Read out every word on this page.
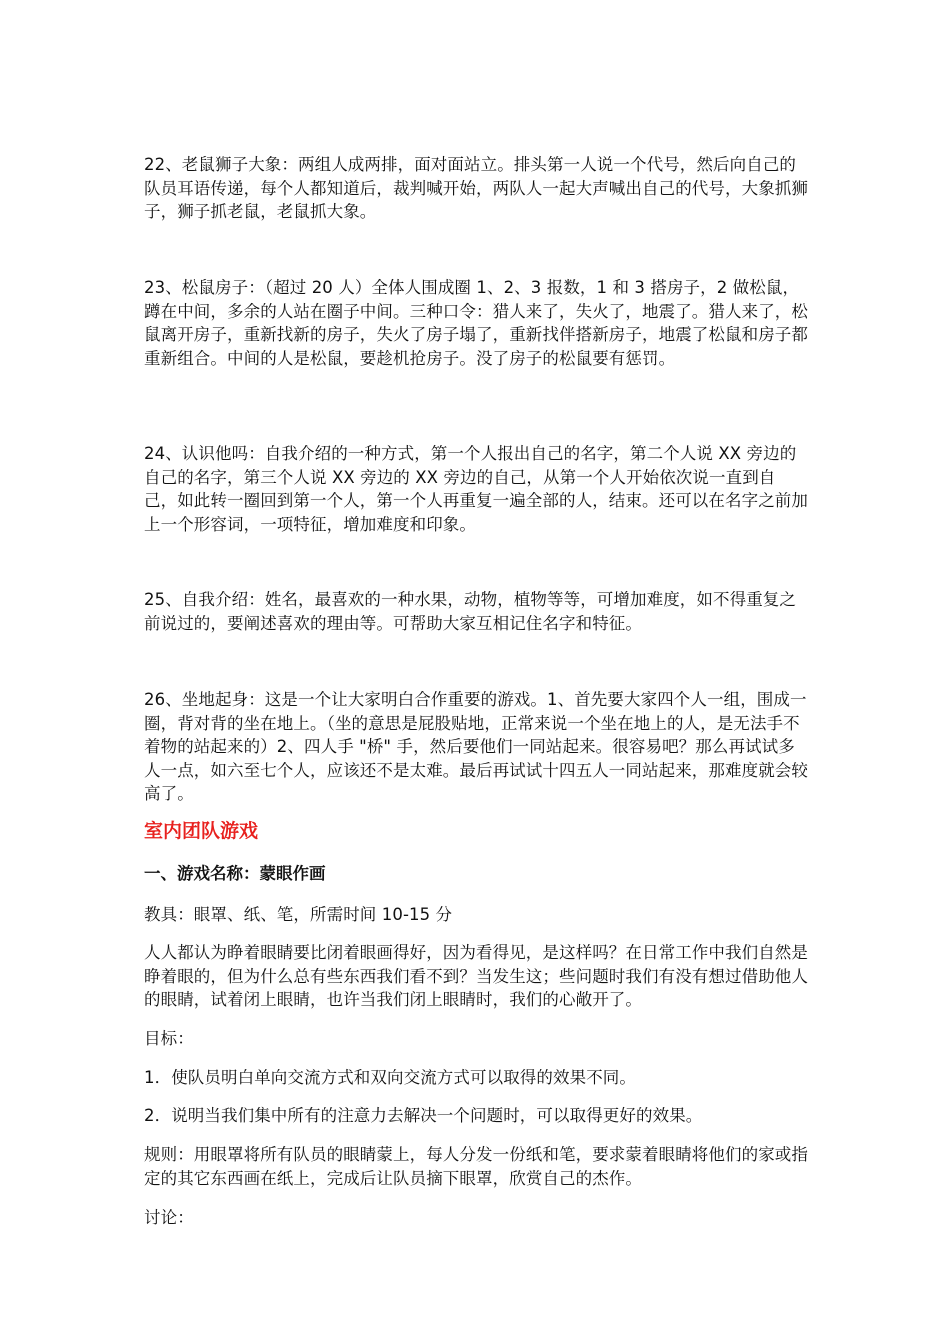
22、老鼠狮子大象：两组人成两排，面对面站立。排头第一人说一个代号，然后向自己的队员耳语传递，每个人都知道后，裁判喊开始，两队人一起大声喊出自己的代号，大象抓狮子，狮子抓老鼠，老鼠抓大象。

23、松鼠房子：（超过 20 人）全体人围成圈 1、2、3 报数，1 和 3 搭房子，2 做松鼠，蹲在中间，多余的人站在圈子中间。三种口令：猎人来了，失火了，地震了。猎人来了，松鼠离开房子，重新找新的房子，失火了房子塌了，重新找伴搭新房子，地震了松鼠和房子都重新组合。中间的人是松鼠，要趁机抢房子。没了房子的松鼠要有惩罚。

24、认识他吗：自我介绍的一种方式，第一个人报出自己的名字，第二个人说 XX 旁边的自己的名字，第三个人说 XX 旁边的 XX 旁边的自己，从第一个人开始依次说一直到自己，如此转一圈回到第一个人，第一个人再重复一遍全部的人，结束。还可以在名字之前加上一个形容词，一项特征，增加难度和印象。

25、自我介绍：姓名，最喜欢的一种水果，动物，植物等等，可增加难度，如不得重复之前说过的，要阐述喜欢的理由等。可帮助大家互相记住名字和特征。

26、坐地起身：这是一个让大家明白合作重要的游戏。1、首先要大家四个人一组，围成一圈，背对背的坐在地上。（坐的意思是屁股贴地，正常来说一个坐在地上的人，是无法手不着物的站起来的）2、四人手 "桥" 手，然后要他们一同站起来。很容易吧？那么再试试多人一点，如六至七个人，应该还不是太难。最后再试试十四五人一同站起来，那难度就会较高了。

室内团队游戏
一、游戏名称：蒙眼作画

教具：眼罩、纸、笔，所需时间 10-15 分

人人都认为睁着眼睛要比闭着眼画得好，因为看得见，是这样吗？在日常工作中我们自然是睁着眼的，但为什么总有些东西我们看不到？当发生这；些问题时我们有没有想过借助他人的眼睛，试着闭上眼睛，也许当我们闭上眼睛时，我们的心敞开了。

目标：

1．使队员明白单向交流方式和双向交流方式可以取得的效果不同。

2．说明当我们集中所有的注意力去解决一个问题时，可以取得更好的效果。

规则：用眼罩将所有队员的眼睛蒙上，每人分发一份纸和笔，要求蒙着眼睛将他们的家或指定的其它东西画在纸上，完成后让队员摘下眼罩，欣赏自己的杰作。

讨论：
